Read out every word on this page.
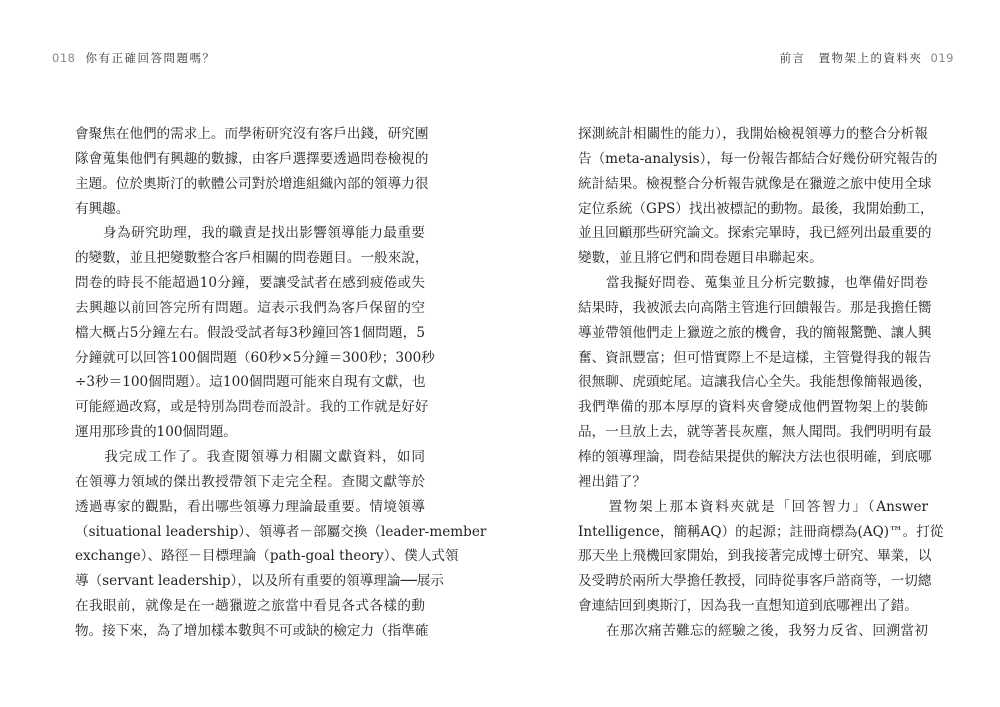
018 你有正確回答問題嗎？	前言　置物架上的資料夾 019
會聚焦在他們的需求上。而學術研究沒有客戶出錢，研究團
隊會蒐集他們有興趣的數據，由客戶選擇要透過問卷檢視的
主題。位於奧斯汀的軟體公司對於增進組織內部的領導力很
有興趣。
　　身為研究助理，我的職責是找出影響領導能力最重要
的變數，並且把變數整合客戶相關的問卷題目。一般來說，
問卷的時長不能超過10分鐘，要讓受試者在感到疲倦或失
去興趣以前回答完所有問題。這表示我們為客戶保留的空
檔大概占5分鐘左右。假設受試者每3秒鐘回答1個問題，5
分鐘就可以回答100個問題（60秒×5分鐘＝300秒；300秒
÷3秒＝100個問題）。這100個問題可能來自現有文獻，也
可能經過改寫，或是特別為問卷而設計。我的工作就是好好
運用那珍貴的100個問題。
　　我完成工作了。我查閱領導力相關文獻資料，如同
在領導力領域的傑出教授帶領下走完全程。查閱文獻等於
透過專家的觀點，看出哪些領導力理論最重要。情境領導
（situational leadership）、領導者－部屬交換（leader-member
exchange）、路徑－目標理論（path-goal theory）、僕人式領
導（servant leadership），以及所有重要的領導理論──展示
在我眼前，就像是在一趟獵遊之旅當中看見各式各樣的動
物。接下來，為了增加樣本數與不可或缺的檢定力（指準確
探測統計相關性的能力），我開始檢視領導力的整合分析報
告（meta-analysis），每一份報告都結合好幾份研究報告的
統計結果。檢視整合分析報告就像是在獵遊之旅中使用全球
定位系統（GPS）找出被標記的動物。最後，我開始動工，
並且回顧那些研究論文。探索完畢時，我已經列出最重要的
變數，並且將它們和問卷題目串聯起來。
　　當我擬好問卷、蒐集並且分析完數據，也準備好問卷
結果時，我被派去向高階主管進行回饋報告。那是我擔任嚮
導並帶領他們走上獵遊之旅的機會，我的簡報驚艷、讓人興
奮、資訊豐富；但可惜實際上不是這樣，主管覺得我的報告
很無聊、虎頭蛇尾。這讓我信心全失。我能想像簡報過後，
我們準備的那本厚厚的資料夾會變成他們置物架上的裝飾
品，一旦放上去，就等著長灰塵，無人聞問。我們明明有最
棒的領導理論，問卷結果提供的解決方法也很明確，到底哪
裡出錯了？
　　置物架上那本資料夾就是「回答智力」（Answer
Intelligence，簡稱AQ）的起源；註冊商標為(AQ)™。打從
那天坐上飛機回家開始，到我接著完成博士研究、畢業，以
及受聘於兩所大學擔任教授，同時從事客戶諮商等，一切總
會連結回到奧斯汀，因為我一直想知道到底哪裡出了錯。
　　在那次痛苦難忘的經驗之後，我努力反省、回溯當初
